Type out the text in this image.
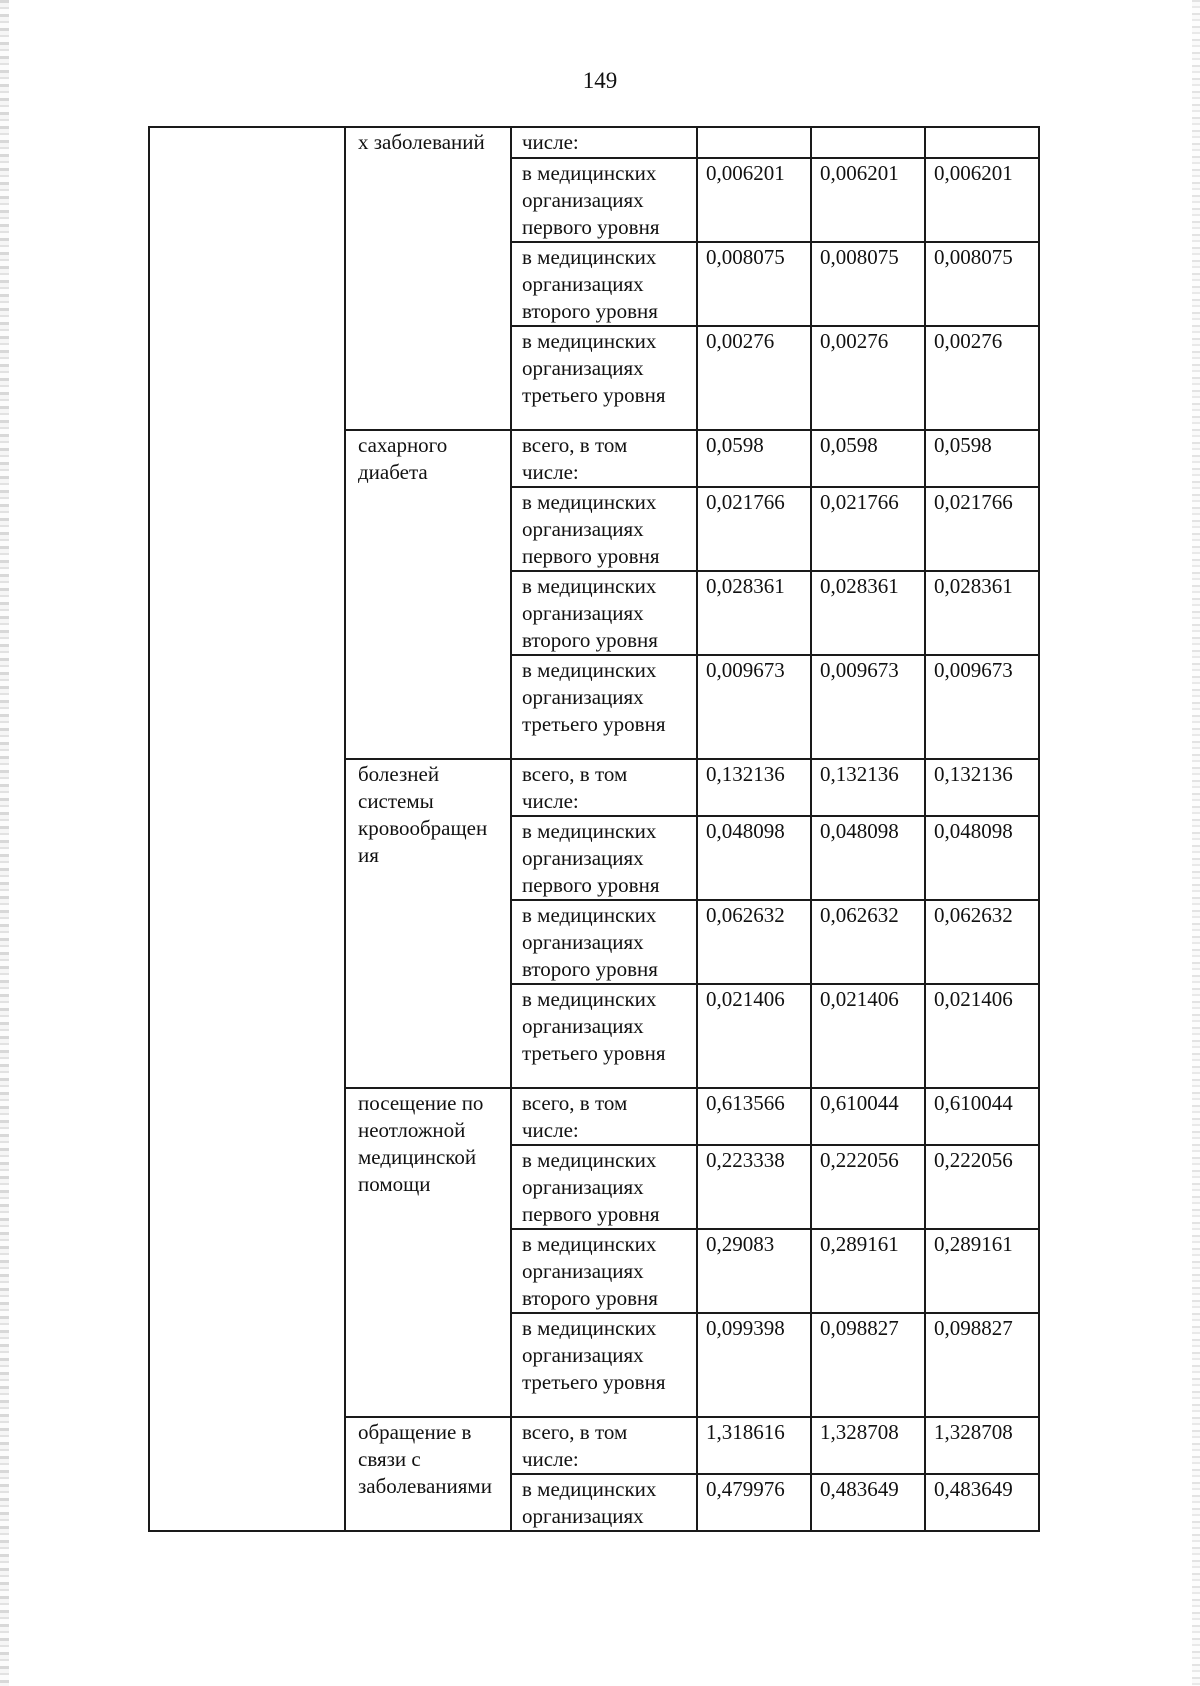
149
	х заболеваний	числе:			
		в медицинских организациях первого уровня	0,006201	0,006201	0,006201
		в медицинских организациях второго уровня	0,008075	0,008075	0,008075
		в медицинских организациях третьего уровня	0,00276	0,00276	0,00276
	сахарного диабета	всего, в том числе:	0,0598	0,0598	0,0598
		в медицинских организациях первого уровня	0,021766	0,021766	0,021766
		в медицинских организациях второго уровня	0,028361	0,028361	0,028361
		в медицинских организациях третьего уровня	0,009673	0,009673	0,009673
	болезней системы кровообращен ия	всего, в том числе:	0,132136	0,132136	0,132136
		в медицинских организациях первого уровня	0,048098	0,048098	0,048098
		в медицинских организациях второго уровня	0,062632	0,062632	0,062632
		в медицинских организациях третьего уровня	0,021406	0,021406	0,021406
	посещение по неотложной медицинской помощи	всего, в том числе:	0,613566	0,610044	0,610044
		в медицинских организациях первого уровня	0,223338	0,222056	0,222056
		в медицинских организациях второго уровня	0,29083	0,289161	0,289161
		в медицинских организациях третьего уровня	0,099398	0,098827	0,098827
	обращение в связи с заболеваниями	всего, в том числе:	1,318616	1,328708	1,328708
		в медицинских организациях	0,479976	0,483649	0,483649
